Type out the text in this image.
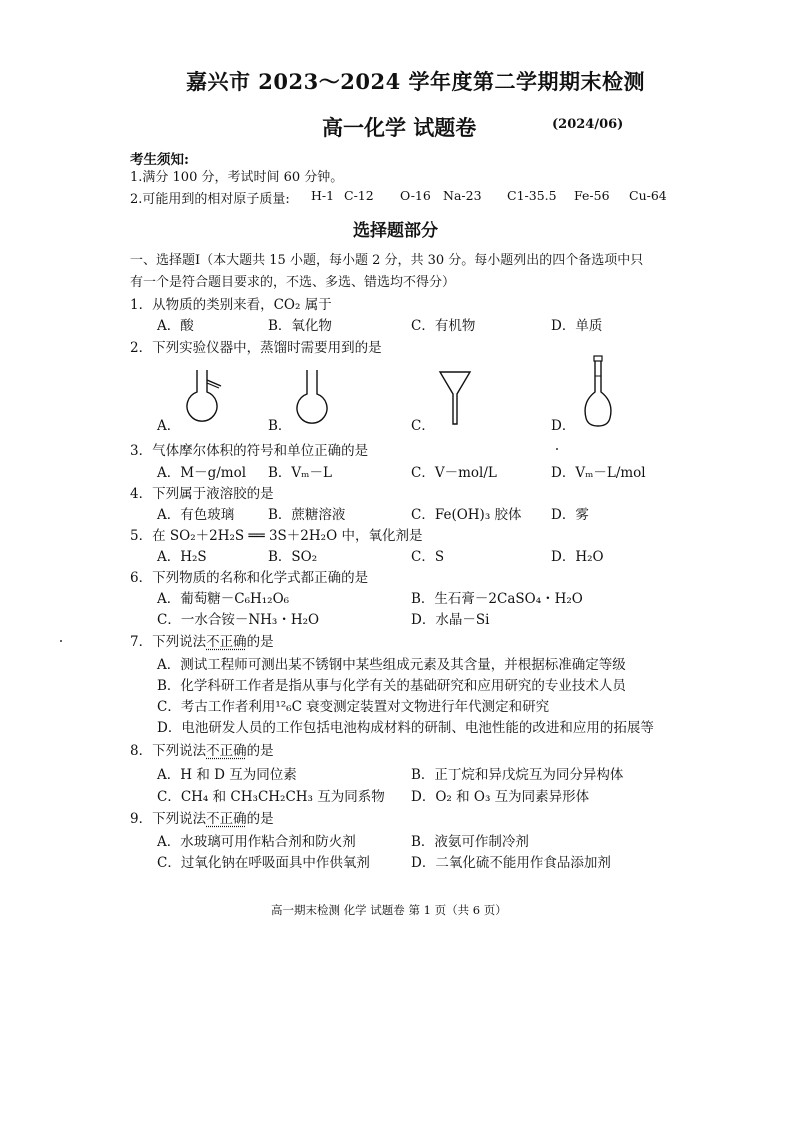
嘉兴市 2023～2024 学年度第二学期期末检测
高一化学 试题卷	(2024/06)
考生须知:
1.满分 100 分，考试时间 60 分钟。
2.可能用到的相对原子质量: H-1 C-12 O-16 Na-23 C1-35.5 Fe-56 Cu-64
选择题部分
一、选择题Ⅰ（本大题共 15 小题，每小题 2 分，共 30 分。每小题列出的四个备选项中只
有一个是符合题目要求的，不选、多选、错选均不得分）
1．从物质的类别来看，CO₂ 属于
A．酸	B．氧化物	C．有机物	D．单质
2．下列实验仪器中，蒸馏时需要用到的是
A．	B．	C．	D．
3．气体摩尔体积的符号和单位正确的是
A．M－g/mol B．Vₘ－L	C．V－mol/L	D．Vₘ－L/mol
4．下列属于液溶胶的是
A．有色玻璃	B．蔗糖溶液	C．Fe(OH)₃ 胶体 D．雾
5．在 SO₂＋2H₂S ══ 3S＋2H₂O 中，氧化剂是
A．H₂S	B．SO₂	C．S	D．H₂O
6．下列物质的名称和化学式都正确的是
A．葡萄糖－C₆H₁₂O₆	B．生石膏－2CaSO₄・H₂O
C．一水合铵－NH₃・H₂O	D．水晶－Si
7．下列说法不正确的是
A．测试工程师可测出某不锈钢中某些组成元素及其含量，并根据标准确定等级
B．化学科研工作者是指从事与化学有关的基础研究和应用研究的专业技术人员
C．考古工作者利用¹²₆C 衰变测定装置对文物进行年代测定和研究
D．电池研发人员的工作包括电池构成材料的研制、电池性能的改进和应用的拓展等
8．下列说法不正确的是
A．H 和 D 互为同位素	B．正丁烷和异戊烷互为同分异构体
C．CH₄ 和 CH₃CH₂CH₃ 互为同系物 D．O₂ 和 O₃ 互为同素异形体
9．下列说法不正确的是
A．水玻璃可用作粘合剂和防火剂	B．液氨可作制冷剂
C．过氧化钠在呼吸面具中作供氧剂	D．二氧化硫不能用作食品添加剂
高一期末检测 化学 试题卷 第 1 页（共 6 页）
